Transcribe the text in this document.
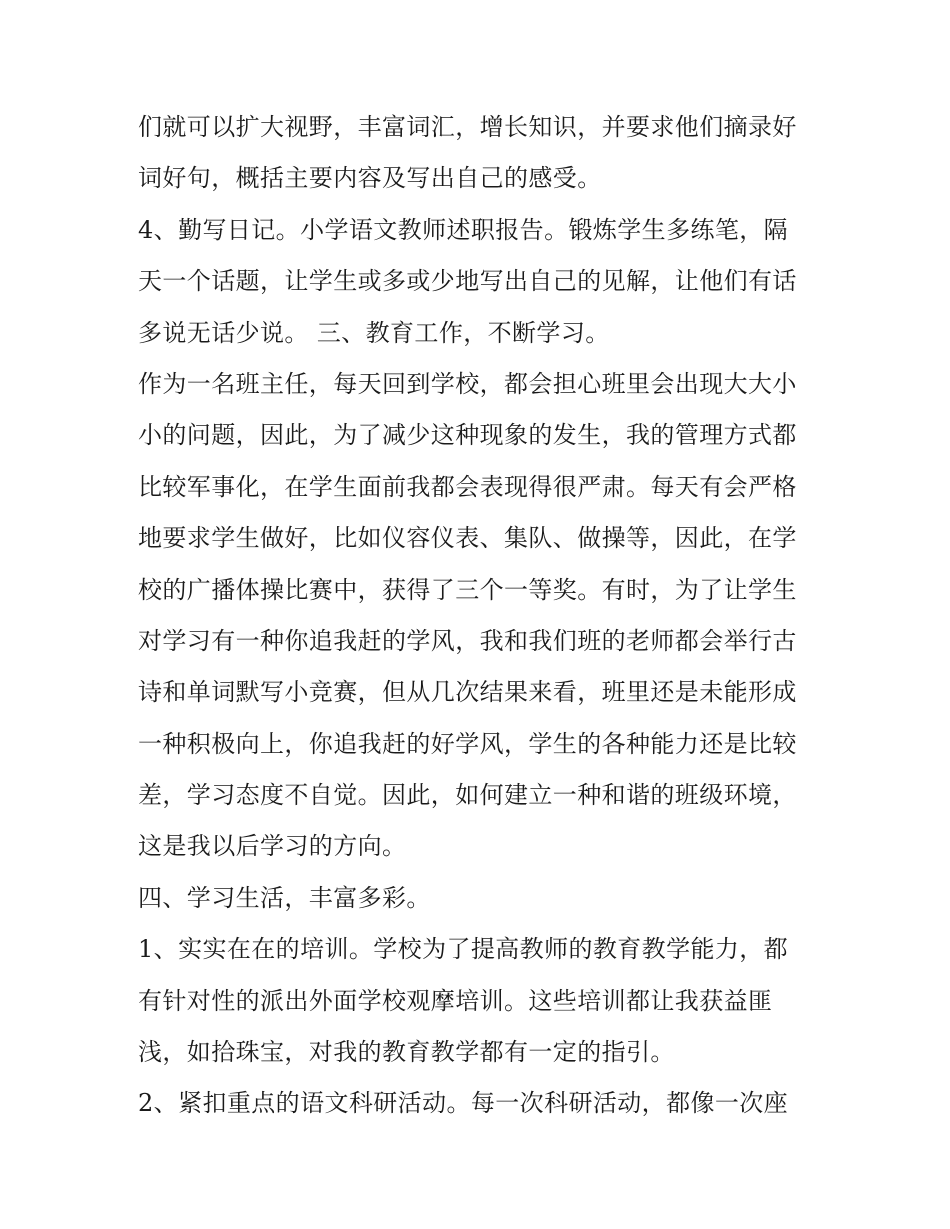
们就可以扩大视野，丰富词汇，增长知识，并要求他们摘录好
词好句，概括主要内容及写出自己的感受。
4、勤写日记。小学语文教师述职报告。锻炼学生多练笔，隔
天一个话题，让学生或多或少地写出自己的见解，让他们有话
多说无话少说。 三、教育工作，不断学习。
作为一名班主任，每天回到学校，都会担心班里会出现大大小
小的问题，因此，为了减少这种现象的发生，我的管理方式都
比较军事化，在学生面前我都会表现得很严肃。每天有会严格
地要求学生做好，比如仪容仪表、集队、做操等，因此，在学
校的广播体操比赛中，获得了三个一等奖。有时，为了让学生
对学习有一种你追我赶的学风，我和我们班的老师都会举行古
诗和单词默写小竞赛，但从几次结果来看，班里还是未能形成
一种积极向上，你追我赶的好学风，学生的各种能力还是比较
差，学习态度不自觉。因此，如何建立一种和谐的班级环境，
这是我以后学习的方向。
四、学习生活，丰富多彩。
1、实实在在的培训。学校为了提高教师的教育教学能力，都
有针对性的派出外面学校观摩培训。这些培训都让我获益匪
浅，如拾珠宝，对我的教育教学都有一定的指引。
2、紧扣重点的语文科研活动。每一次科研活动，都像一次座
